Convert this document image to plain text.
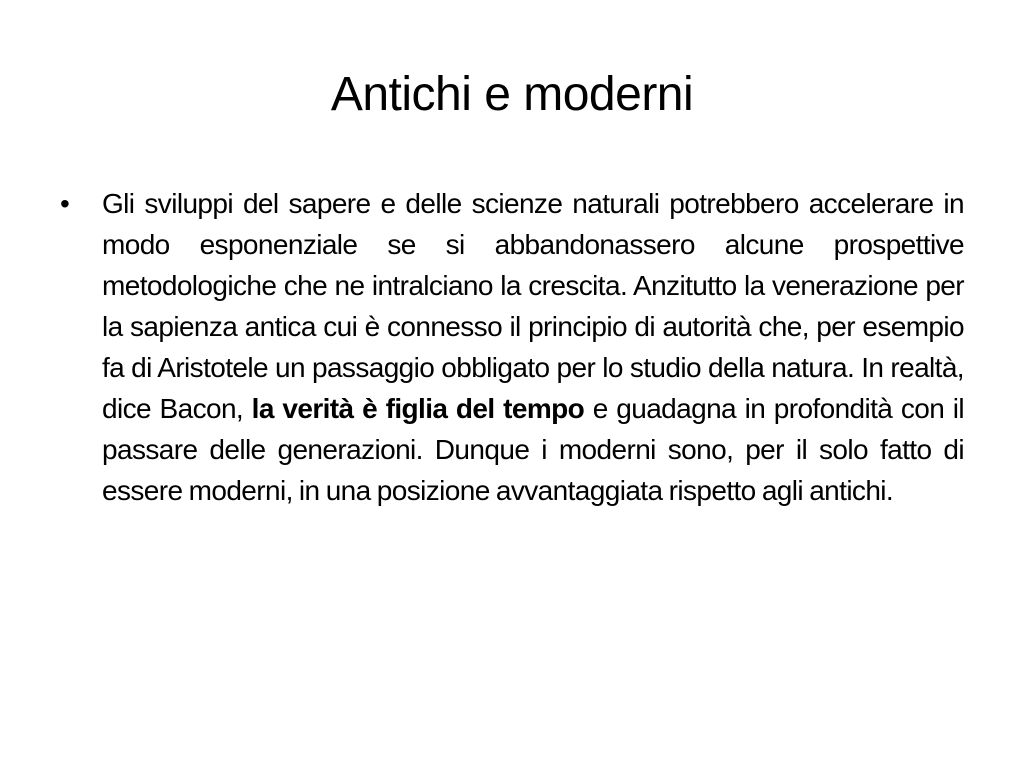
Antichi e moderni
• Gli sviluppi del sapere e delle scienze naturali potrebbero accelerare in modo esponenziale se si abbandonassero alcune prospettive metodologiche che ne intralciano la crescita. Anzitutto la venerazione per la sapienza antica cui è connesso il principio di autorità che, per esempio fa di Aristotele un passaggio obbligato per lo studio della natura. In realtà, dice Bacon, la verità è figlia del tempo e guadagna in profondità con il passare delle generazioni. Dunque i moderni sono, per il solo fatto di essere moderni, in una posizione avvantaggiata rispetto agli antichi.
